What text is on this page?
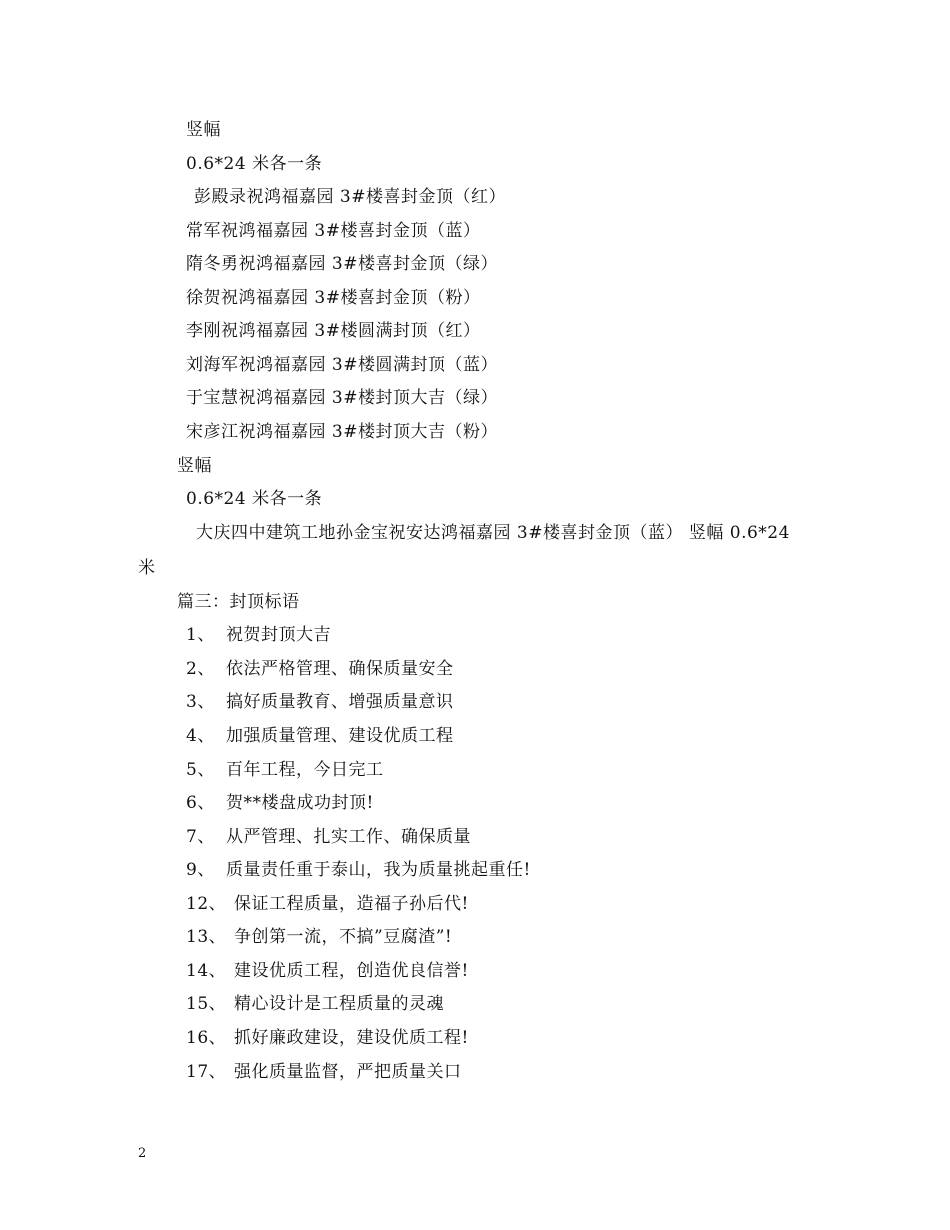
竖幅
0.6*24 米各一条
彭殿录祝鸿福嘉园 3#楼喜封金顶（红）
常军祝鸿福嘉园 3#楼喜封金顶（蓝）
隋冬勇祝鸿福嘉园 3#楼喜封金顶（绿）
徐贺祝鸿福嘉园 3#楼喜封金顶（粉）
李刚祝鸿福嘉园 3#楼圆满封顶（红）
刘海军祝鸿福嘉园 3#楼圆满封顶（蓝）
于宝慧祝鸿福嘉园 3#楼封顶大吉（绿）
宋彦江祝鸿福嘉园 3#楼封顶大吉（粉）
竖幅
0.6*24 米各一条
大庆四中建筑工地孙金宝祝安达鸿福嘉园 3#楼喜封金顶（蓝） 竖幅 0.6*24
米
篇三：封顶标语
1、 祝贺封顶大吉
2、 依法严格管理、确保质量安全
3、 搞好质量教育、增强质量意识
4、 加强质量管理、建设优质工程
5、 百年工程，今日完工
6、 贺**楼盘成功封顶!
7、 从严管理、扎实工作、确保质量
9、 质量责任重于泰山，我为质量挑起重任!
12、 保证工程质量，造福子孙后代!
13、 争创第一流，不搞”豆腐渣”!
14、 建设优质工程，创造优良信誉!
15、 精心设计是工程质量的灵魂
16、 抓好廉政建设，建设优质工程!
17、 强化质量监督，严把质量关口
2
